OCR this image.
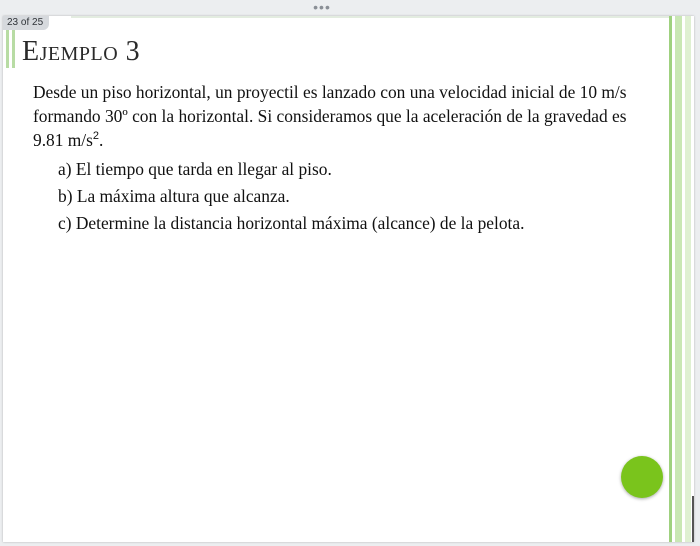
•••
23 of 25
Ejemplo 3

Desde un piso horizontal, un proyectil es lanzado con una velocidad inicial de 10 m/s formando 30º con la horizontal. Si consideramos que la aceleración de la gravedad es 9.81 $m/s^2$.

a) El tiempo que tarda en llegar al piso.
b) La máxima altura que alcanza.
c) Determine la distancia horizontal máxima (alcance) de la pelota.
